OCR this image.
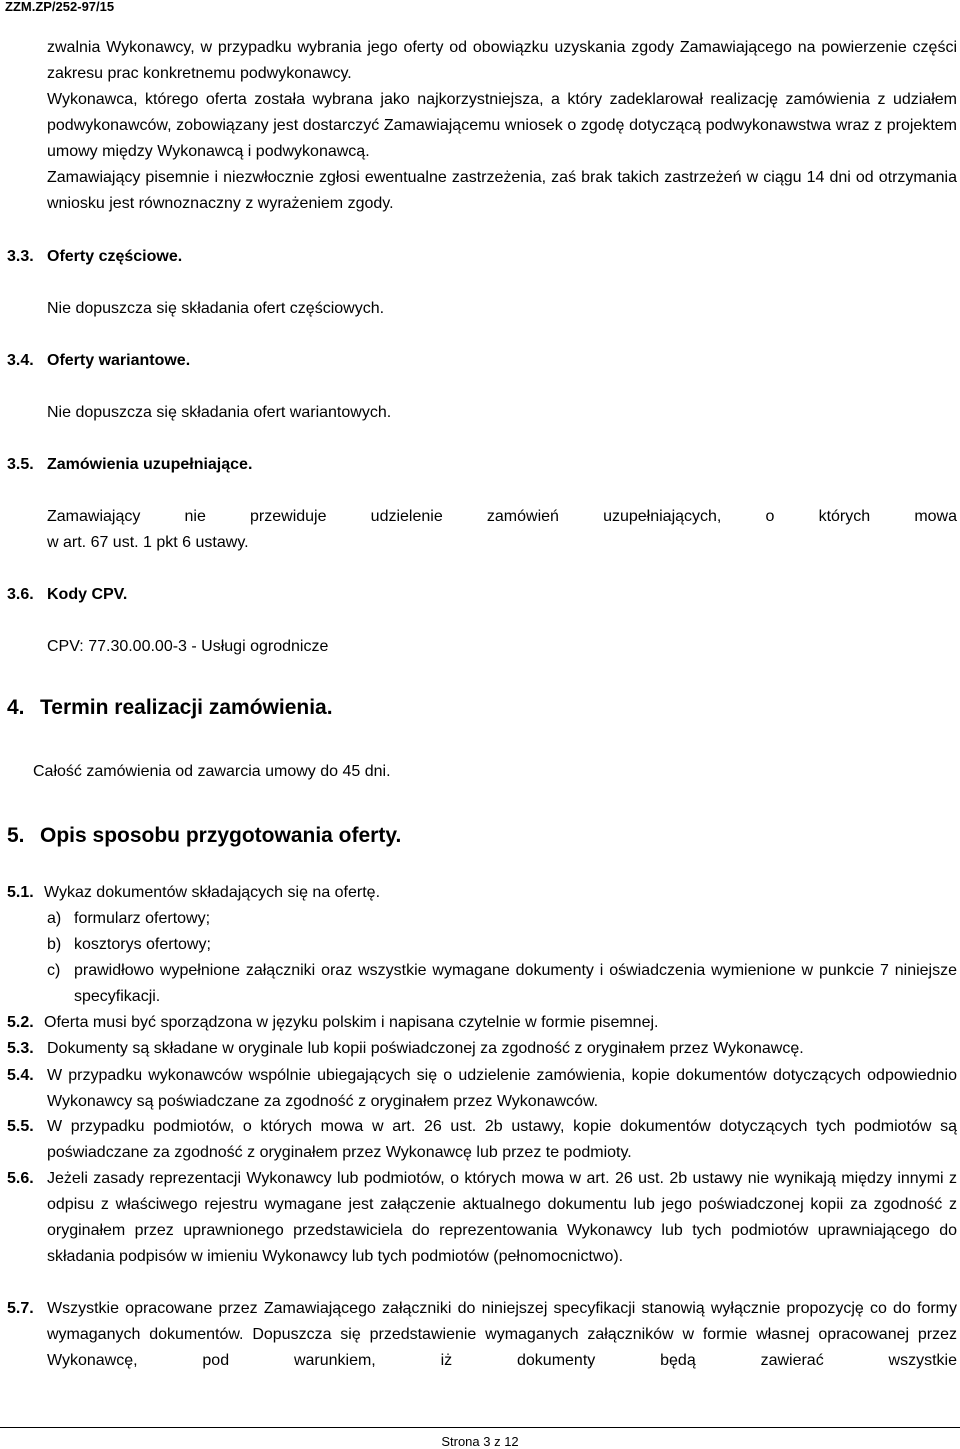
ZZM.ZP/252-97/15

zwalnia Wykonawcy, w przypadku wybrania jego oferty od obowiązku uzyskania zgody Zamawiającego na powierzenie części zakresu prac konkretnemu podwykonawcy.

Wykonawca, którego oferta została wybrana jako najkorzystniejsza, a który zadeklarował realizację zamówienia z udziałem podwykonawców, zobowiązany jest dostarczyć Zamawiającemu wniosek o zgodę dotyczącą podwykonawstwa wraz z projektem umowy między Wykonawcą i podwykonawcą.

Zamawiający pisemnie i niezwłocznie zgłosi ewentualne zastrzeżenia, zaś brak takich zastrzeżeń w ciągu 14 dni od otrzymania wniosku jest równoznaczny z wyrażeniem zgody.

3.3. Oferty częściowe.
Nie dopuszcza się składania ofert częściowych.
3.4. Oferty wariantowe.
Nie dopuszcza się składania ofert wariantowych.
3.5. Zamówienia uzupełniające.
Zamawiający nie przewiduje udzielenie zamówień uzupełniających, o których mowa
w art. 67 ust. 1 pkt 6 ustawy.
3.6. Kody CPV.
CPV: 77.30.00.00-3 - Usługi ogrodnicze
4. Termin realizacji zamówienia.
Całość zamówienia od zawarcia umowy do 45 dni.
5. Opis sposobu przygotowania oferty.
5.1. Wykaz dokumentów składających się na ofertę.
a) formularz ofertowy;
b) kosztorys ofertowy;
c) prawidłowo wypełnione załączniki oraz wszystkie wymagane dokumenty i oświadczenia wymienione w punkcie 7 niniejsze specyfikacji.
5.2. Oferta musi być sporządzona w języku polskim i napisana czytelnie w formie pisemnej.
5.3. Dokumenty są składane w oryginale lub kopii poświadczonej za zgodność z oryginałem przez Wykonawcę.
5.4. W przypadku wykonawców wspólnie ubiegających się o udzielenie zamówienia, kopie dokumentów dotyczących odpowiednio Wykonawcy są poświadczane za zgodność z oryginałem przez Wykonawców.
5.5. W przypadku podmiotów, o których mowa w art. 26 ust. 2b ustawy, kopie dokumentów dotyczących tych podmiotów są poświadczane za zgodność z oryginałem przez Wykonawcę lub przez te podmioty.
5.6. Jeżeli zasady reprezentacji Wykonawcy lub podmiotów, o których mowa w art. 26 ust. 2b ustawy nie wynikają między innymi z odpisu z właściwego rejestru wymagane jest załączenie aktualnego dokumentu lub jego poświadczonej kopii za zgodność z oryginałem przez uprawnionego przedstawiciela do reprezentowania Wykonawcy lub tych podmiotów uprawniającego do składania podpisów w imieniu Wykonawcy lub tych podmiotów (pełnomocnictwo).
5.7. Wszystkie opracowane przez Zamawiającego załączniki do niniejszej specyfikacji stanowią wyłącznie propozycję co do formy wymaganych dokumentów. Dopuszcza się przedstawienie wymaganych załączników w formie własnej opracowanej przez Wykonawcę, pod warunkiem, iż dokumenty będą zawierać wszystkie
Strona 3 z 12
